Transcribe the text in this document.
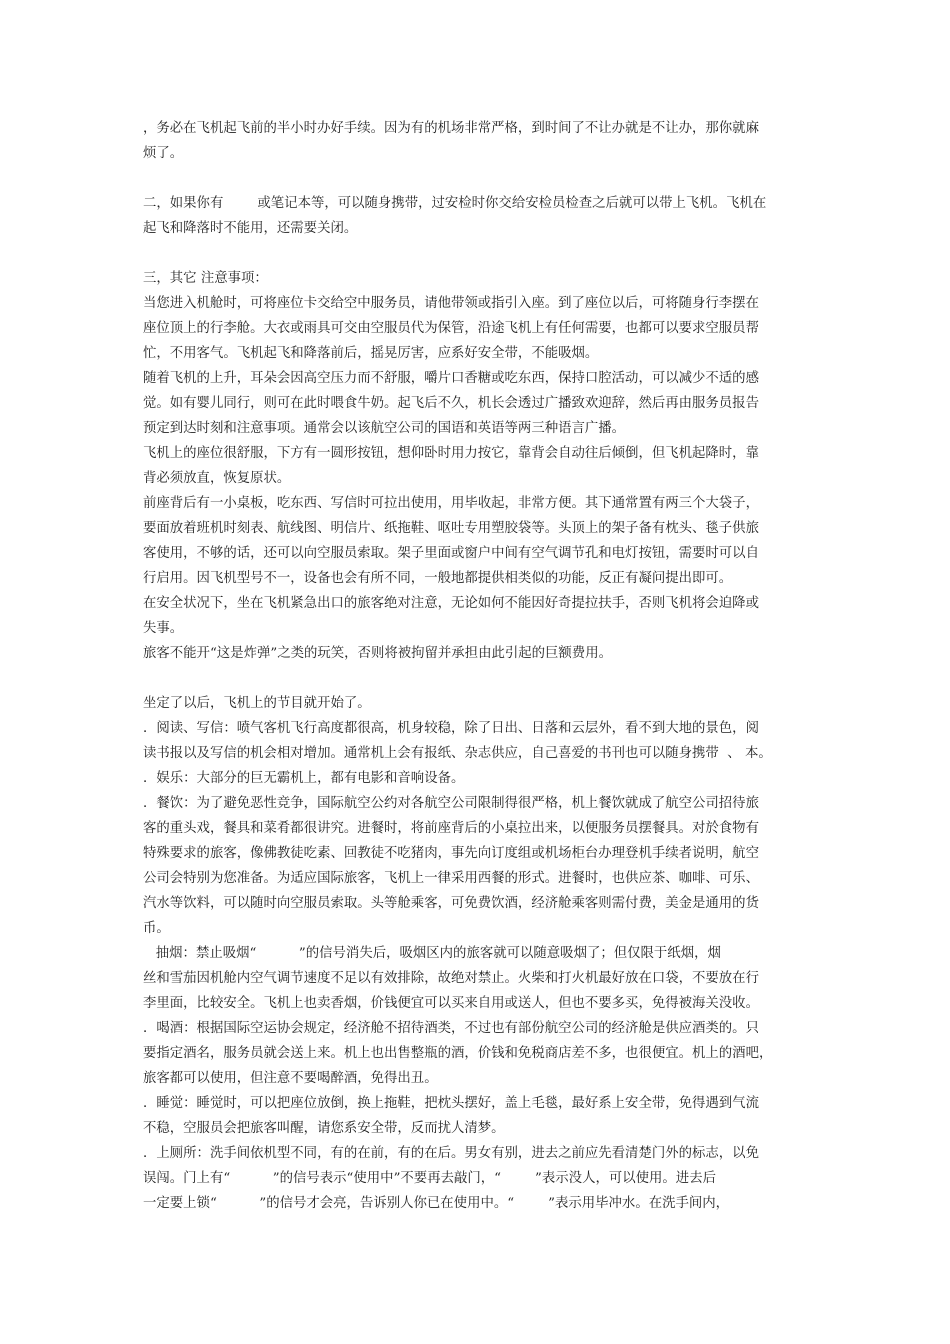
，务必在飞机起飞前的半小时办好手续。因为有的机场非常严格，到时间了不让办就是不让办，那你就麻

烦了。

二，如果你有        或笔记本等，可以随身携带，过安检时你交给安检员检查之后就可以带上飞机。飞机在

起飞和降落时不能用，还需要关闭。

三，其它 注意事项：

当您进入机舱时，可将座位卡交给空中服务员，请他带领或指引入座。到了座位以后，可将随身行李摆在

座位顶上的行李舱。大衣或雨具可交由空服员代为保管，沿途飞机上有任何需要，也都可以要求空服员帮

忙，不用客气。飞机起飞和降落前后，摇晃厉害，应系好安全带，不能吸烟。

随着飞机的上升，耳朵会因高空压力而不舒服，嚼片口香糖或吃东西，保持口腔活动，可以减少不适的感

觉。如有婴儿同行，则可在此时喂食牛奶。起飞后不久，机长会透过广播致欢迎辞，然后再由服务员报告

预定到达时刻和注意事项。通常会以该航空公司的国语和英语等两三种语言广播。

飞机上的座位很舒服，下方有一圆形按钮，想仰卧时用力按它，靠背会自动往后倾倒，但飞机起降时，靠

背必须放直，恢复原状。

前座背后有一小桌板，吃东西、写信时可拉出使用，用毕收起，非常方便。其下通常置有两三个大袋子，

要面放着班机时刻表、航线图、明信片、纸拖鞋、呕吐专用塑胶袋等。头顶上的架子备有枕头、毯子供旅

客使用，不够的话，还可以向空服员索取。架子里面或窗户中间有空气调节孔和电灯按钮，需要时可以自

行启用。因飞机型号不一，设备也会有所不同，一般地都提供相类似的功能，反正有凝问提出即可。

在安全状况下，坐在飞机紧急出口的旅客绝对注意，无论如何不能因好奇提拉扶手，否则飞机将会迫降或

失事。

旅客不能开“这是炸弹”之类的玩笑，否则将被拘留并承担由此引起的巨额费用。

坐定了以后，飞机上的节目就开始了。

．阅读、写信：喷气客机飞行高度都很高，机身较稳，除了日出、日落和云层外，看不到大地的景色，阅

读书报以及写信的机会相对增加。通常机上会有报纸、杂志供应，自己喜爱的书刊也可以随身携带  、 本。

．娱乐：大部分的巨无霸机上，都有电影和音响设备。

．餐饮：为了避免恶性竞争，国际航空公约对各航空公司限制得很严格，机上餐饮就成了航空公司招待旅

客的重头戏，餐具和菜肴都很讲究。进餐时，将前座背后的小桌拉出来，以便服务员摆餐具。对於食物有

特殊要求的旅客，像佛教徒吃素、回教徒不吃猪肉，事先向订度组或机场柜台办理登机手续者说明，航空

公司会特别为您准备。为适应国际旅客，飞机上一律采用西餐的形式。进餐时，也供应茶、咖啡、可乐、

汽水等饮料，可以随时向空服员索取。头等舱乘客，可免费饮酒，经济舱乘客则需付费，美金是通用的货

币。

抽烟：禁止吸烟“          ”的信号消失后，吸烟区内的旅客就可以随意吸烟了；但仅限于纸烟，烟

丝和雪茄因机舱内空气调节速度不足以有效排除，故绝对禁止。火柴和打火机最好放在口袋，不要放在行

李里面，比较安全。飞机上也卖香烟，价钱便宜可以买来自用或送人，但也不要多买，免得被海关没收。

．喝酒：根据国际空运协会规定，经济舱不招待酒类，不过也有部份航空公司的经济舱是供应酒类的。只

要指定酒名，服务员就会送上来。机上也出售整瓶的酒，价钱和免税商店差不多，也很便宜。机上的酒吧，

旅客都可以使用，但注意不要喝醉酒，免得出丑。

．睡觉：睡觉时，可以把座位放倒，换上拖鞋，把枕头摆好，盖上毛毯，最好系上安全带，免得遇到气流

不稳，空服员会把旅客叫醒，请您系安全带，反而扰人清梦。

．上厕所：洗手间依机型不同，有的在前，有的在后。男女有别，进去之前应先看清楚门外的标志，以免

误闯。门上有“          ”的信号表示“使用中”不要再去敲门，“        ”表示没人，可以使用。进去后

一定要上锁“          ”的信号才会亮，告诉别人你已在使用中。“        ”表示用毕冲水。在洗手间内，
